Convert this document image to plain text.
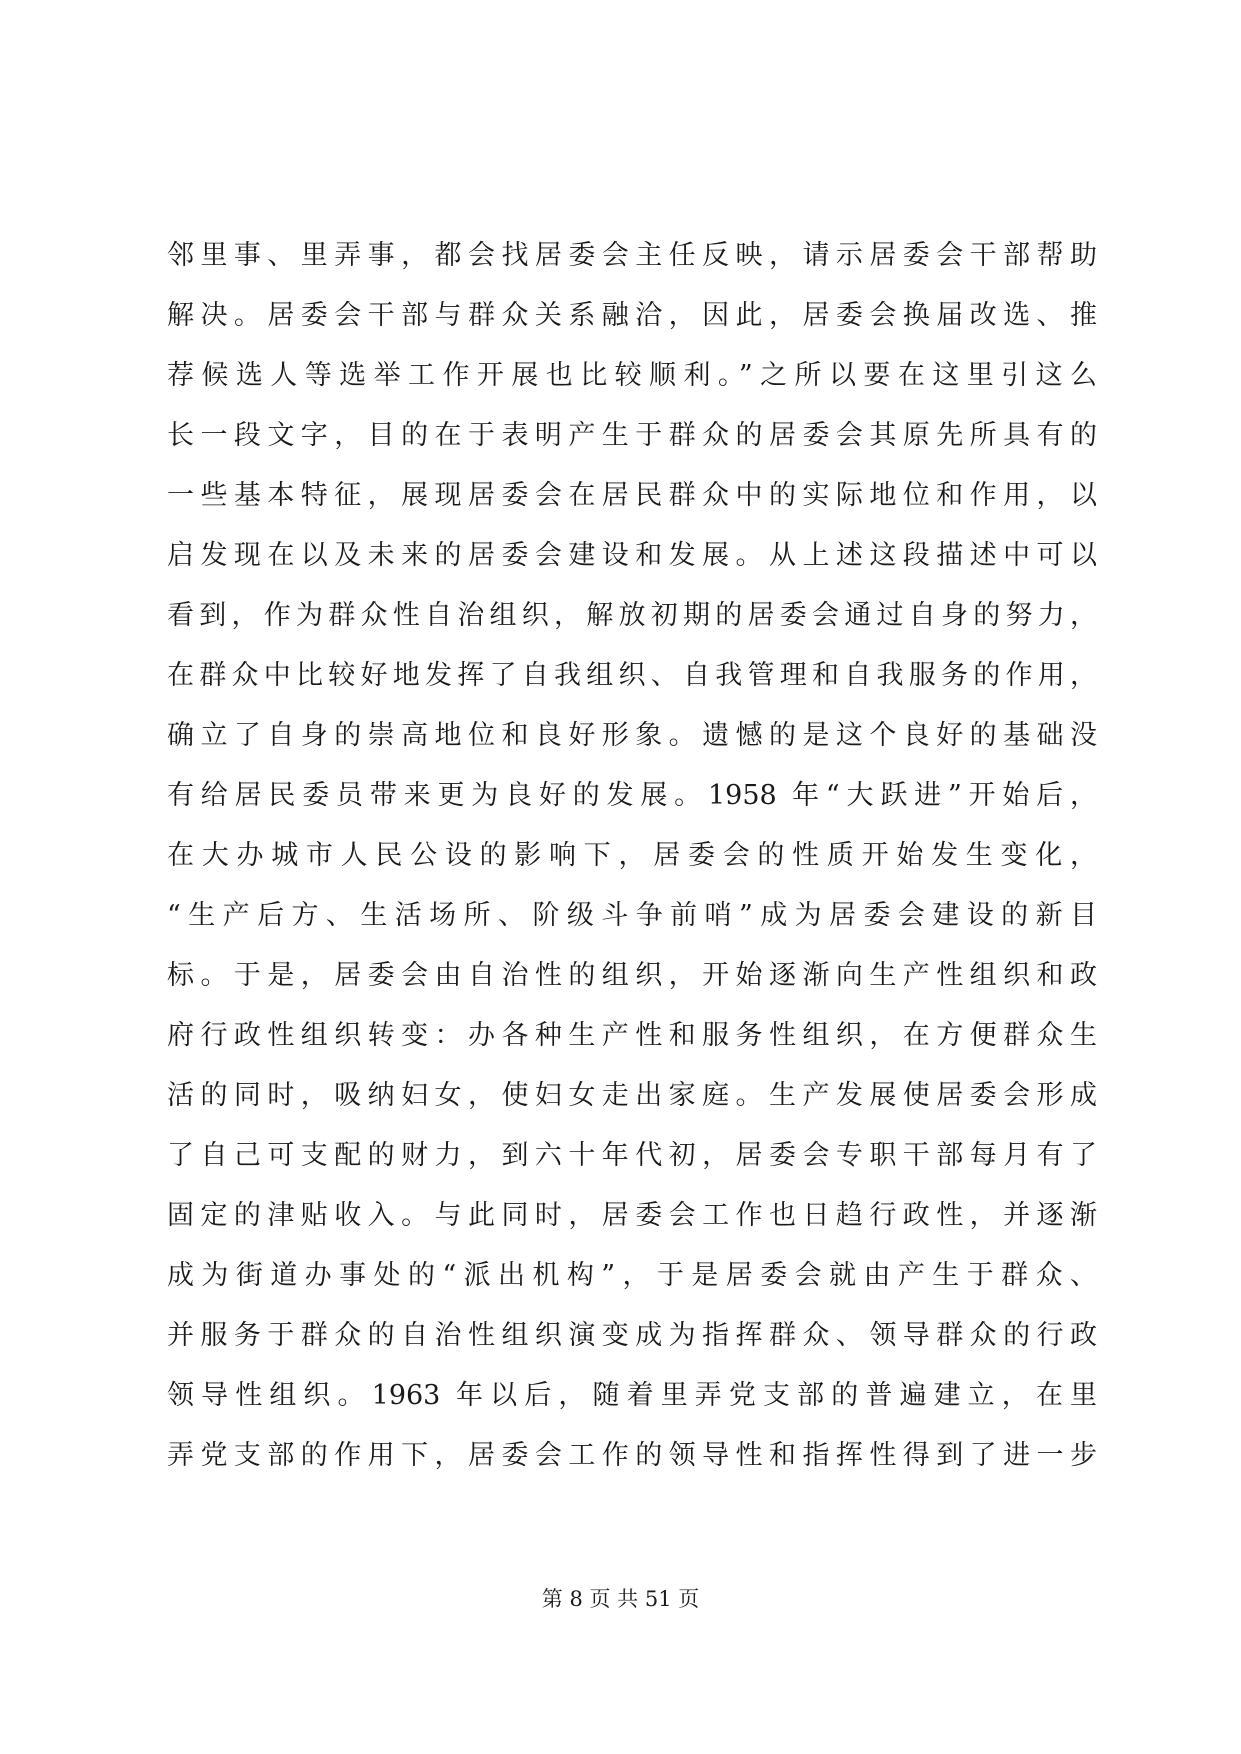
邻里事、里弄事，都会找居委会主任反映，请示居委会干部帮助
解决。居委会干部与群众关系融洽，因此，居委会换届改选、推
荐候选人等选举工作开展也比较顺利。”之所以要在这里引这么
长一段文字，目的在于表明产生于群众的居委会其原先所具有的
一些基本特征，展现居委会在居民群众中的实际地位和作用，以
启发现在以及未来的居委会建设和发展。从上述这段描述中可以
看到，作为群众性自治组织，解放初期的居委会通过自身的努力，
在群众中比较好地发挥了自我组织、自我管理和自我服务的作用，
确立了自身的崇高地位和良好形象。遗憾的是这个良好的基础没
有给居民委员带来更为良好的发展。1958 年“大跃进”开始后，
在大办城市人民公设的影响下，居委会的性质开始发生变化，
“生产后方、生活场所、阶级斗争前哨”成为居委会建设的新目
标。于是，居委会由自治性的组织，开始逐渐向生产性组织和政
府行政性组织转变：办各种生产性和服务性组织，在方便群众生
活的同时，吸纳妇女，使妇女走出家庭。生产发展使居委会形成
了自己可支配的财力，到六十年代初，居委会专职干部每月有了
固定的津贴收入。与此同时，居委会工作也日趋行政性，并逐渐
成为街道办事处的“派出机构”，于是居委会就由产生于群众、
并服务于群众的自治性组织演变成为指挥群众、领导群众的行政
领导性组织。1963 年以后，随着里弄党支部的普遍建立，在里
弄党支部的作用下，居委会工作的领导性和指挥性得到了进一步
第 8 页 共 51 页
